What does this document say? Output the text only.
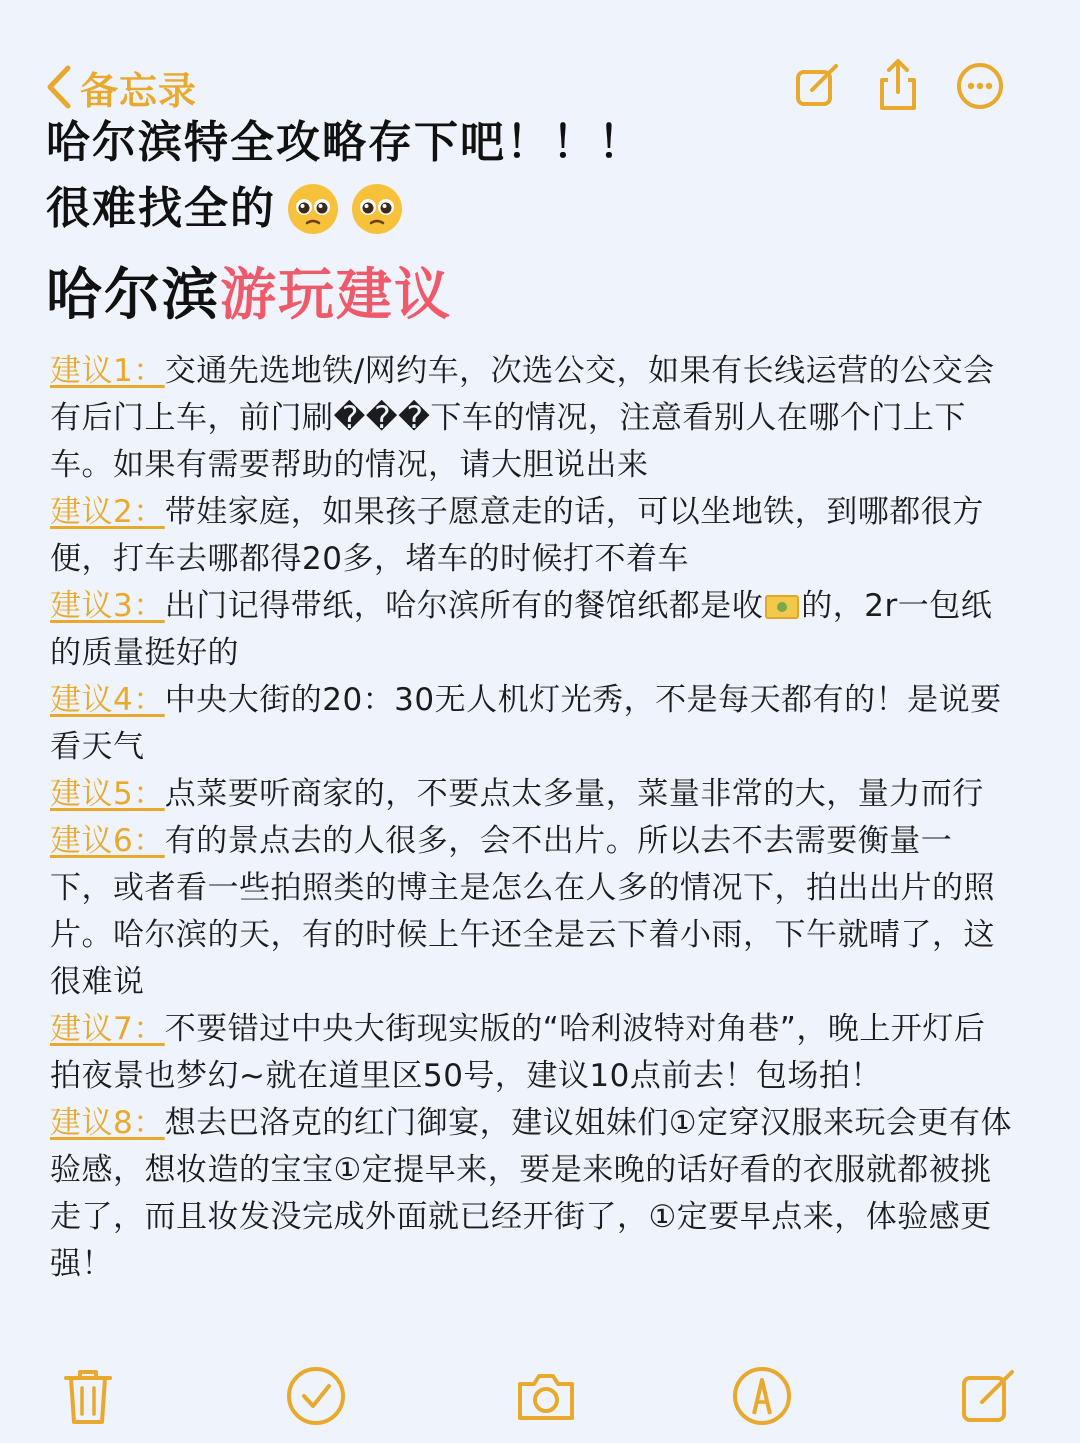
备忘录
哈尔滨特全攻略存下吧！！！
很难找全的
哈尔滨游玩建议

建议1：交通先选地铁/网约车，次选公交，如果有长线运营的公交会有后门上车，前门刷���下车的情况，注意看别人在哪个门上下车。如果有需要帮助的情况，请大胆说出来

建议2：带娃家庭，如果孩子愿意走的话，可以坐地铁，到哪都很方便，打车去哪都得20多，堵车的时候打不着车

建议3：出门记得带纸，哈尔滨所有的餐馆纸都是收 的，2r一包纸的质量挺好的

建议4：中央大街的20：30无人机灯光秀，不是每天都有的！是说要看天气

建议5：点菜要听商家的，不要点太多量，菜量非常的大，量力而行

建议6：有的景点去的人很多，会不出片。所以去不去需要衡量一下，或者看一些拍照类的博主是怎么在人多的情况下，拍出出片的照片。哈尔滨的天，有的时候上午还全是云下着小雨，下午就晴了，这很难说

建议7：不要错过中央大街现实版的“哈利波特对角巷”，晚上开灯后拍夜景也梦幻~就在道里区50号，建议10点前去！包场拍！

建议8：想去巴洛克的红门御宴，建议姐妹们①定穿汉服来玩会更有体验感，想妆造的宝宝①定提早来，要是来晚的话好看的衣服就都被挑走了，而且妆发没完成外面就已经开街了，①定要早点来，体验感更强！
